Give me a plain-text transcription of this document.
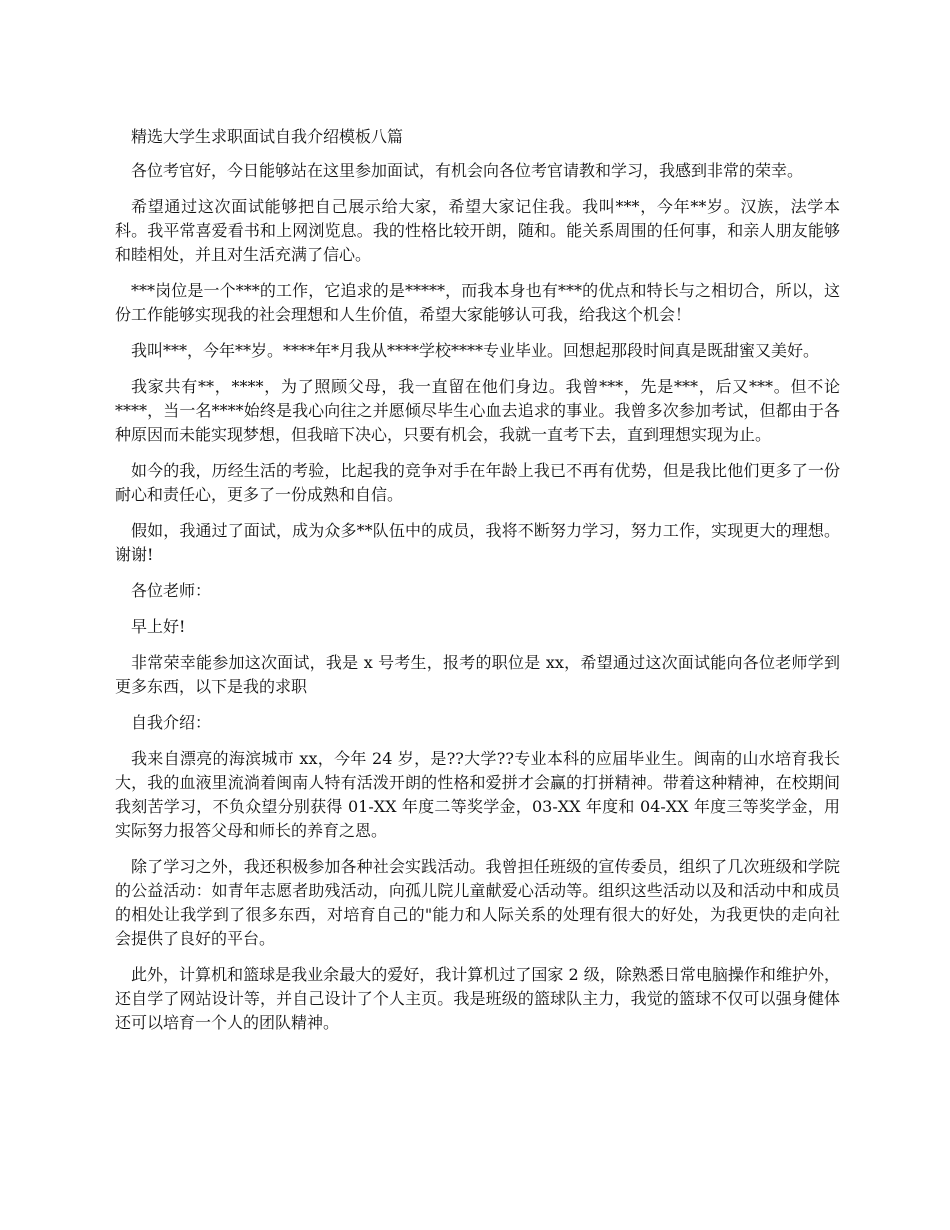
精选大学生求职面试自我介绍模板八篇

各位考官好，今日能够站在这里参加面试，有机会向各位考官请教和学习，我感到非常的荣幸。

希望通过这次面试能够把自己展示给大家，希望大家记住我。我叫***，今年**岁。汉族，法学本科。我平常喜爱看书和上网浏览息。我的性格比较开朗，随和。能关系周围的任何事，和亲人朋友能够和睦相处，并且对生活充满了信心。

***岗位是一个***的工作，它追求的是*****，而我本身也有***的优点和特长与之相切合，所以，这份工作能够实现我的社会理想和人生价值，希望大家能够认可我，给我这个机会！

我叫***，今年**岁。****年*月我从****学校****专业毕业。回想起那段时间真是既甜蜜又美好。

我家共有**，****，为了照顾父母，我一直留在他们身边。我曾***，先是***，后又***。但不论****，当一名****始终是我心向往之并愿倾尽毕生心血去追求的事业。我曾多次参加考试，但都由于各种原因而未能实现梦想，但我暗下决心，只要有机会，我就一直考下去，直到理想实现为止。

如今的我，历经生活的考验，比起我的竞争对手在年龄上我已不再有优势，但是我比他们更多了一份耐心和责任心，更多了一份成熟和自信。

假如，我通过了面试，成为众多**队伍中的成员，我将不断努力学习，努力工作，实现更大的理想。谢谢!

各位老师：

早上好!

非常荣幸能参加这次面试，我是 x 号考生，报考的职位是 xx，希望通过这次面试能向各位老师学到更多东西，以下是我的求职

自我介绍：

我来自漂亮的海滨城市 xx，今年 24 岁，是??大学??专业本科的应届毕业生。闽南的山水培育我长大，我的血液里流淌着闽南人特有活泼开朗的性格和爱拼才会赢的打拼精神。带着这种精神，在校期间我刻苦学习，不负众望分别获得 01-XX 年度二等奖学金，03-XX 年度和 04-XX 年度三等奖学金，用实际努力报答父母和师长的养育之恩。

除了学习之外，我还积极参加各种社会实践活动。我曾担任班级的宣传委员，组织了几次班级和学院的公益活动：如青年志愿者助残活动，向孤儿院儿童献爱心活动等。组织这些活动以及和活动中和成员的相处让我学到了很多东西，对培育自己的"能力和人际关系的处理有很大的好处，为我更快的走向社会提供了良好的平台。

此外，计算机和篮球是我业余最大的爱好，我计算机过了国家 2 级，除熟悉日常电脑操作和维护外，还自学了网站设计等，并自己设计了个人主页。我是班级的篮球队主力，我觉的篮球不仅可以强身健体还可以培育一个人的团队精神。
